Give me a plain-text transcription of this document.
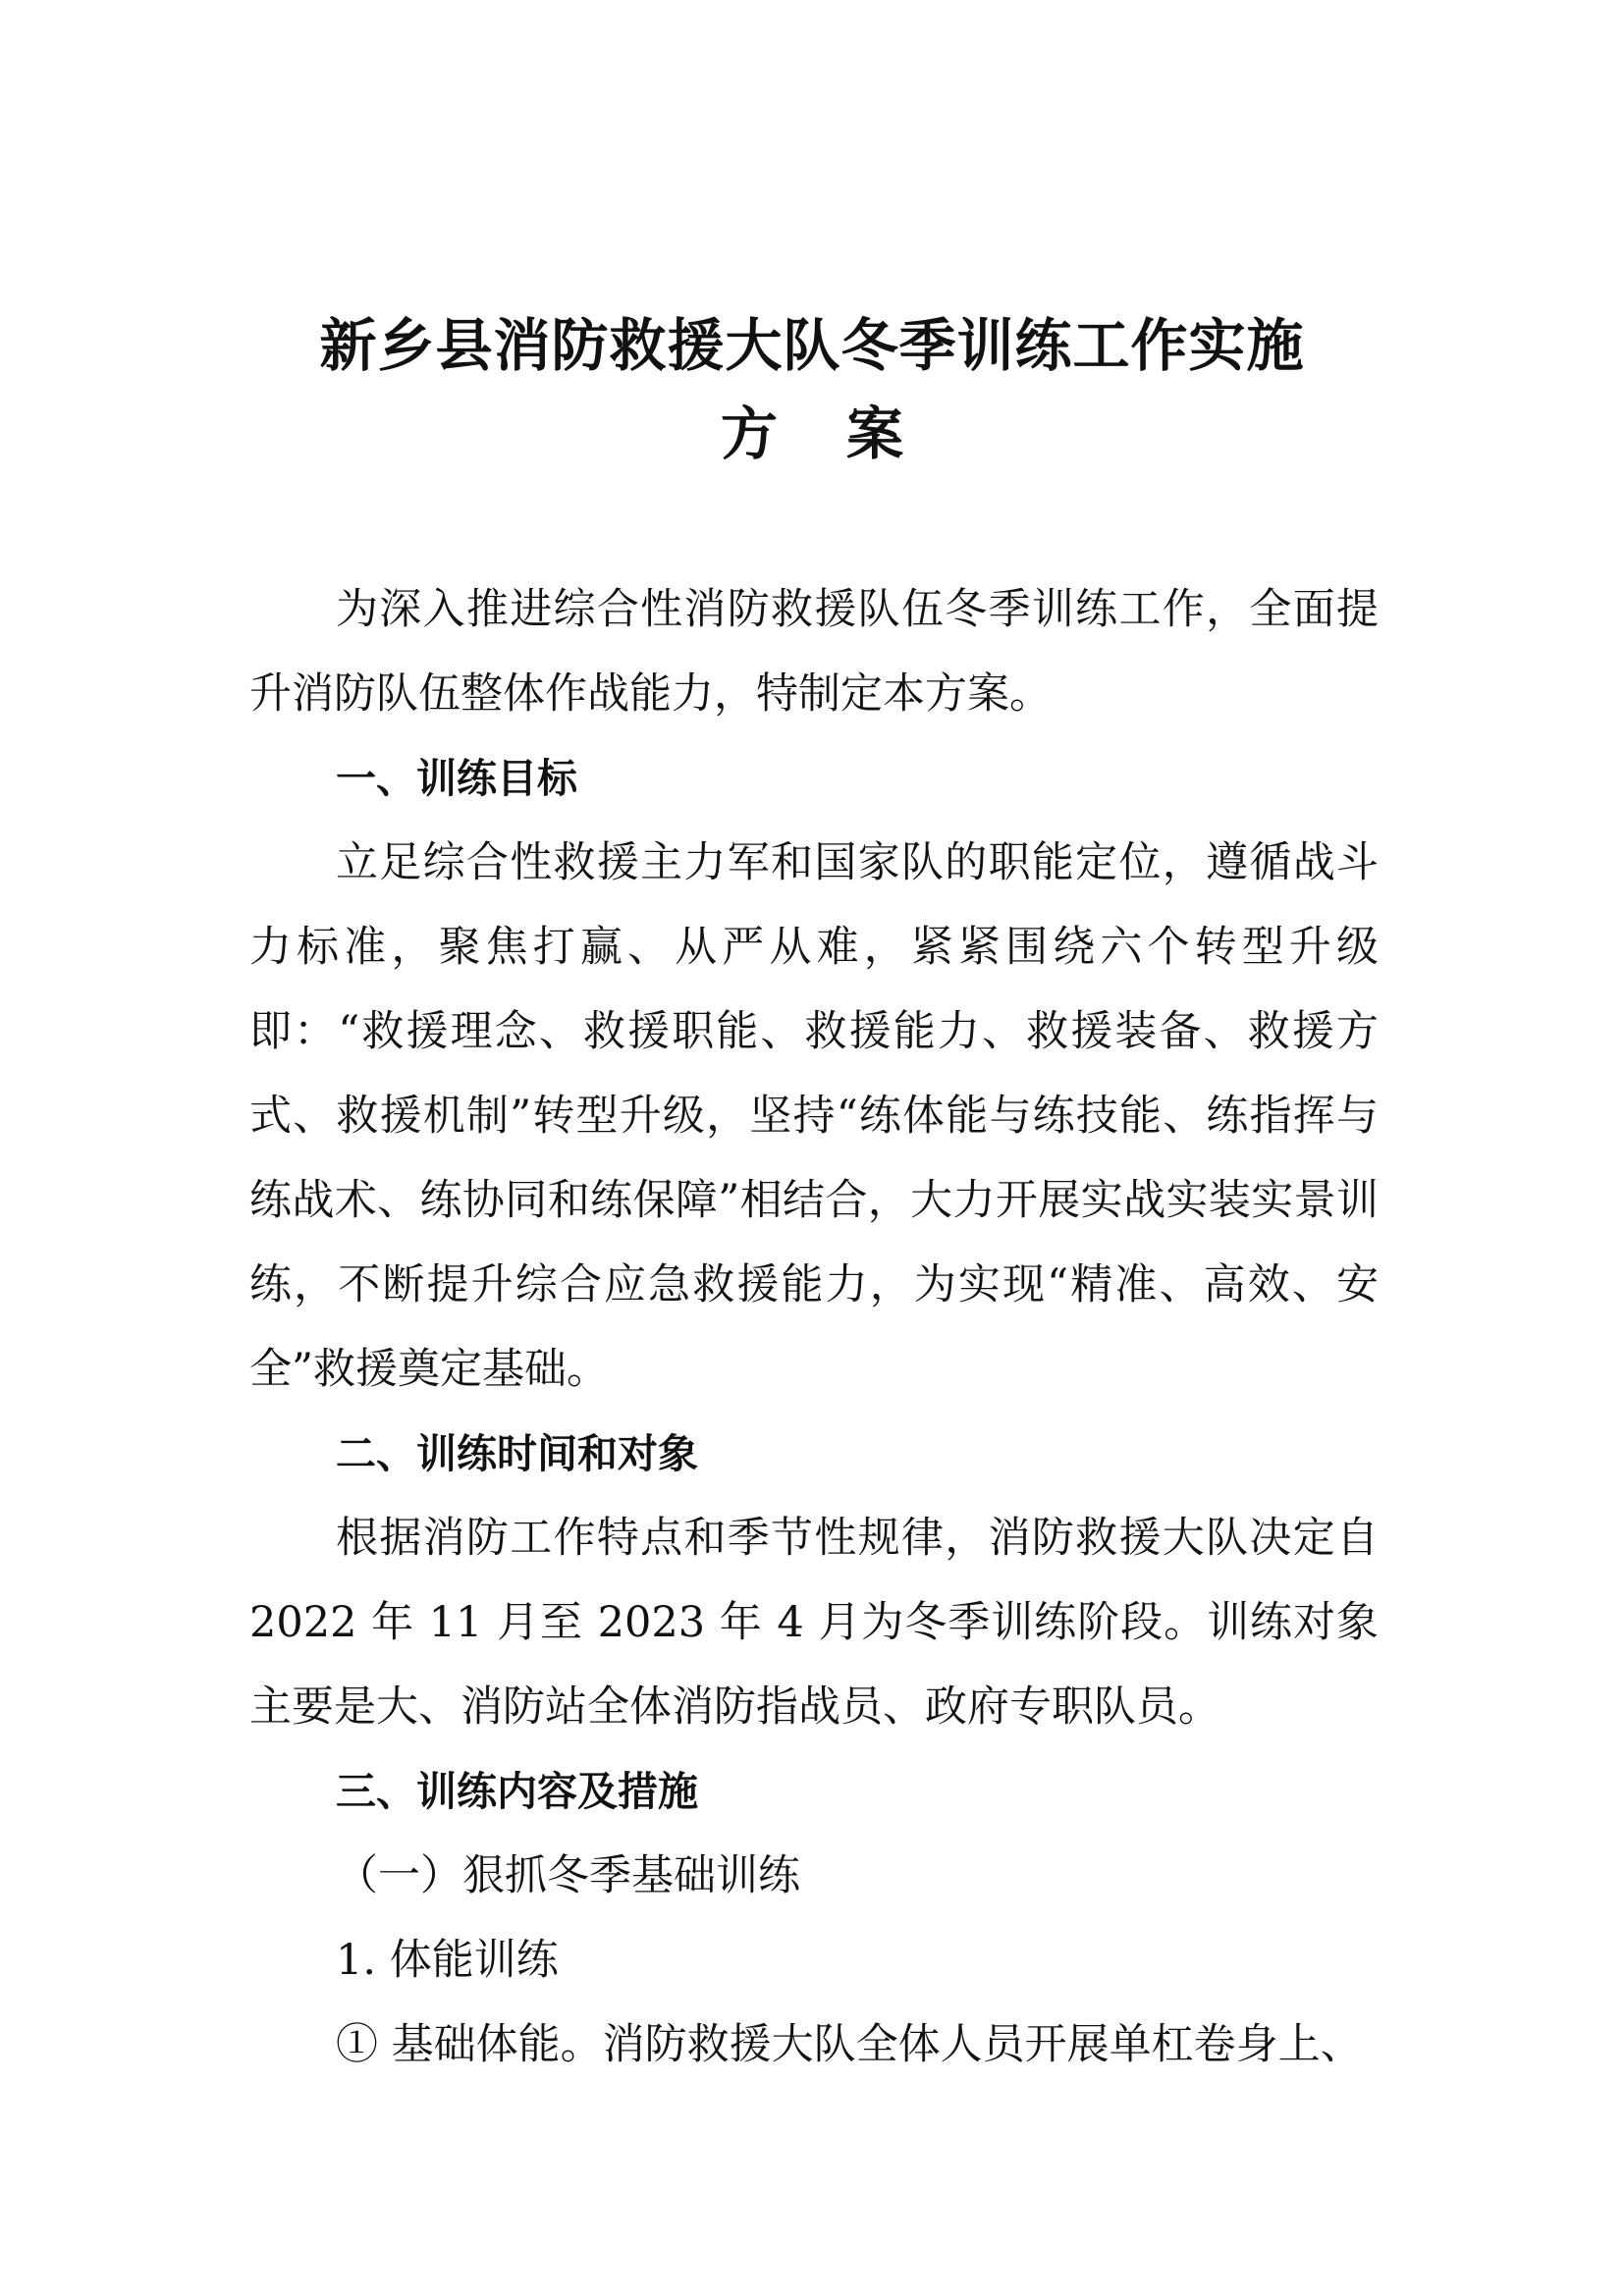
新乡县消防救援大队冬季训练工作实施
方 案

为深入推进综合性消防救援队伍冬季训练工作，全面提升消防队伍整体作战能力，特制定本方案。

一、训练目标

立足综合性救援主力军和国家队的职能定位，遵循战斗力标准，聚焦打赢、从严从难，紧紧围绕六个转型升级即：“救援理念、救援职能、救援能力、救援装备、救援方式、救援机制”转型升级，坚持“练体能与练技能、练指挥与练战术、练协同和练保障”相结合，大力开展实战实装实景训练，不断提升综合应急救援能力，为实现“精准、高效、安全”救援奠定基础。

二、训练时间和对象

根据消防工作特点和季节性规律，消防救援大队决定自 2022 年 11 月至 2023 年 4 月为冬季训练阶段。训练对象主要是大、消防站全体消防指战员、政府专职队员。

三、训练内容及措施

（一）狠抓冬季基础训练

1. 体能训练

① 基础体能。消防救援大队全体人员开展单杠卷身上、
